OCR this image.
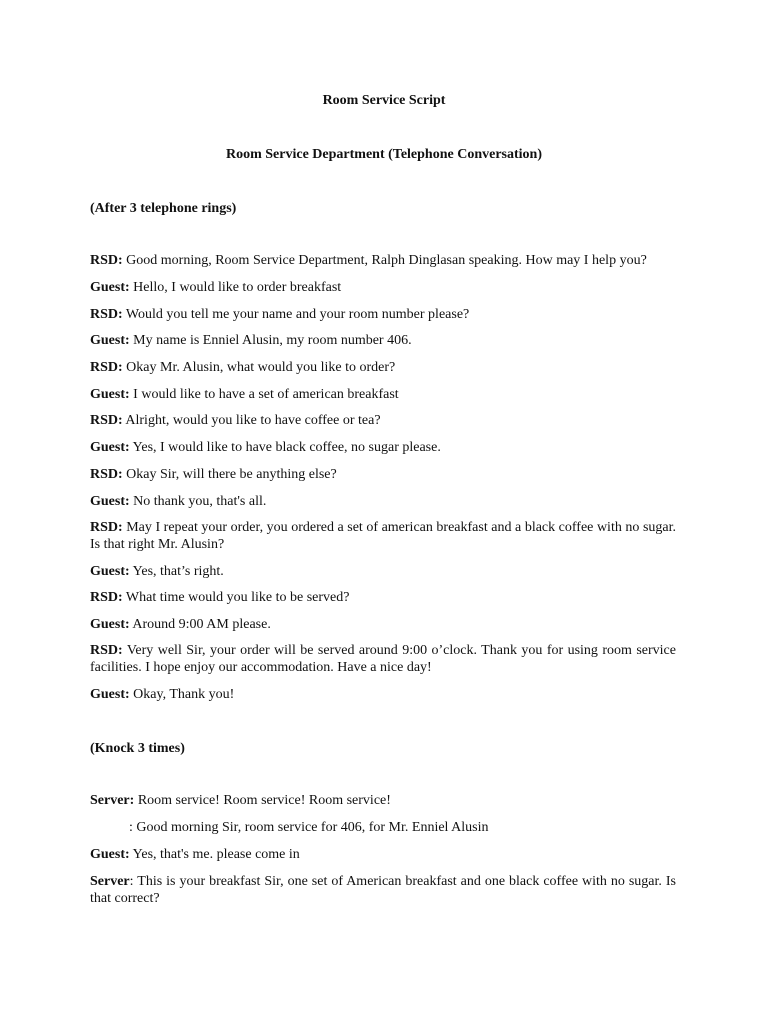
Room Service Script
Room Service Department (Telephone Conversation)
(After 3 telephone rings)
RSD: Good morning, Room Service Department, Ralph Dinglasan speaking. How may I help you?
Guest: Hello, I would like to order breakfast
RSD: Would you tell me your name and your room number please?
Guest: My name is Enniel Alusin, my room number 406.
RSD: Okay Mr. Alusin, what would you like to order?
Guest: I would like to have a set of american breakfast
RSD: Alright, would you like to have coffee or tea?
Guest: Yes, I would like to have black coffee, no sugar please.
RSD: Okay Sir, will there be anything else?
Guest: No thank you, that's all.
RSD: May I repeat your order, you ordered a set of american breakfast and a black coffee with no sugar. Is that right Mr. Alusin?
Guest: Yes, that’s right.
RSD: What time would you like to be served?
Guest: Around 9:00 AM please.
RSD: Very well Sir, your order will be served around 9:00 o’clock. Thank you for using room service facilities. I hope enjoy our accommodation. Have a nice day!
Guest: Okay, Thank you!
(Knock 3 times)
Server: Room service! Room service! Room service!
: Good morning Sir, room service for 406, for Mr. Enniel Alusin
Guest: Yes, that's me. please come in
Server: This is your breakfast Sir, one set of American breakfast and one black coffee with no sugar. Is that correct?
